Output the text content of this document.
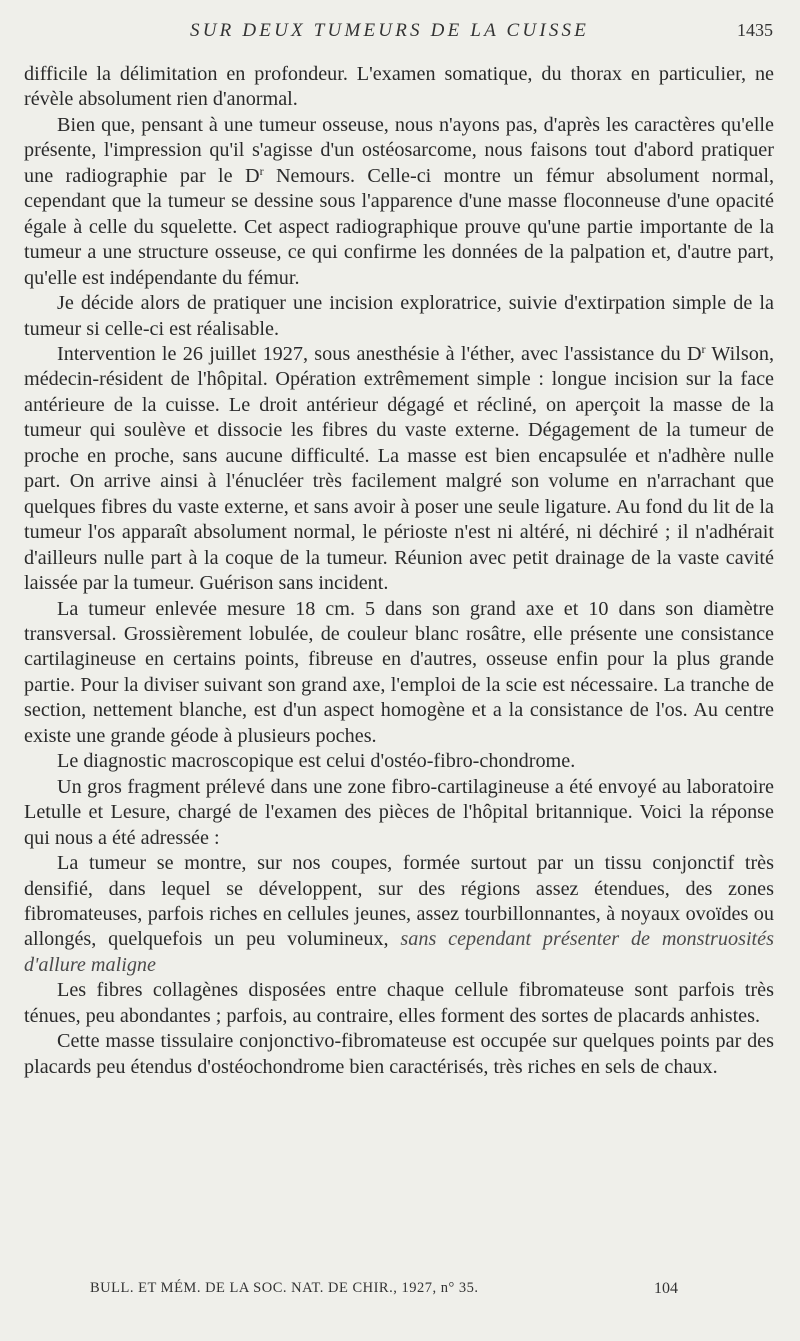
SUR DEUX TUMEURS DE LA CUISSE	1435

difficile la délimitation en profondeur. L'examen somatique, du thorax en particulier, ne révèle absolument rien d'anormal.

Bien que, pensant à une tumeur osseuse, nous n'ayons pas, d'après les caractères qu'elle présente, l'impression qu'il s'agisse d'un ostéosarcome, nous faisons tout d'abord pratiquer une radiographie par le $D^r$ Nemours. Celle-ci montre un fémur absolument normal, cependant que la tumeur se dessine sous l'apparence d'une masse floconneuse d'une opacité égale à celle du squelette. Cet aspect radiographique prouve qu'une partie importante de la tumeur a une structure osseuse, ce qui confirme les données de la palpation et, d'autre part, qu'elle est indépendante du fémur.

Je décide alors de pratiquer une incision exploratrice, suivie d'extirpation simple de la tumeur si celle-ci est réalisable.

Intervention le 26 juillet 1927, sous anesthésie à l'éther, avec l'assistance du $D^r$ Wilson, médecin-résident de l'hôpital. Opération extrêmement simple : longue incision sur la face antérieure de la cuisse. Le droit antérieur dégagé et récliné, on aperçoit la masse de la tumeur qui soulève et dissocie les fibres du vaste externe. Dégagement de la tumeur de proche en proche, sans aucune difficulté. La masse est bien encapsulée et n'adhère nulle part. On arrive ainsi à l'énucléer très facilement malgré son volume en n'arrachant que quelques fibres du vaste externe, et sans avoir à poser une seule ligature. Au fond du lit de la tumeur l'os apparaît absolument normal, le périoste n'est ni altéré, ni déchiré ; il n'adhérait d'ailleurs nulle part à la coque de la tumeur. Réunion avec petit drainage de la vaste cavité laissée par la tumeur. Guérison sans incident.

La tumeur enlevée mesure 18 cm. 5 dans son grand axe et 10 dans son diamètre transversal. Grossièrement lobulée, de couleur blanc rosâtre, elle présente une consistance cartilagineuse en certains points, fibreuse en d'autres, osseuse enfin pour la plus grande partie. Pour la diviser suivant son grand axe, l'emploi de la scie est nécessaire. La tranche de section, nettement blanche, est d'un aspect homogène et a la consistance de l'os. Au centre existe une grande géode à plusieurs poches.

Le diagnostic macroscopique est celui d'ostéo-fibro-chondrome.

Un gros fragment prélevé dans une zone fibro-cartilagineuse a été envoyé au laboratoire Letulle et Lesure, chargé de l'examen des pièces de l'hôpital britannique. Voici la réponse qui nous a été adressée :

La tumeur se montre, sur nos coupes, formée surtout par un tissu conjonctif très densifié, dans lequel se développent, sur des régions assez étendues, des zones fibromateuses, parfois riches en cellules jeunes, assez tourbillonnantes, à noyaux ovoïdes ou allongés, quelquefois un peu volumineux, sans cependant présenter de monstruosités d'allure maligne

Les fibres collagènes disposées entre chaque cellule fibromateuse sont parfois très ténues, peu abondantes ; parfois, au contraire, elles forment des sortes de placards anhistes.

Cette masse tissulaire conjonctivo-fibromateuse est occupée sur quelques points par des placards peu étendus d'ostéochondrome bien caractérisés, très riches en sels de chaux.

BULL. ET MÉM. DE LA SOC. NAT. DE CHIR., 1927, n° 35.	104
